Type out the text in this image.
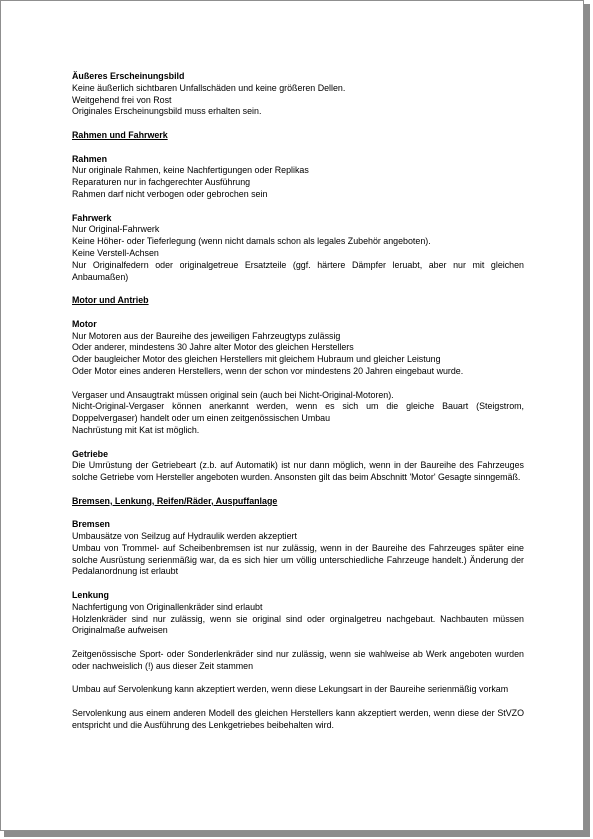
Äußeres Erscheinungsbild
Keine äußerlich sichtbaren Unfallschäden und keine größeren Dellen.
Weitgehend frei von Rost
Originales Erscheinungsbild muss erhalten sein.
Rahmen und Fahrwerk
Rahmen
Nur originale Rahmen, keine Nachfertigungen oder Replikas
Reparaturen nur in fachgerechter Ausführung
Rahmen darf nicht verbogen oder gebrochen sein
Fahrwerk
Nur Original-Fahrwerk
Keine Höher- oder Tieferlegung (wenn nicht damals schon als legales Zubehör angeboten).
Keine Verstell-Achsen
Nur Originalfedern oder originalgetreue Ersatzteile (ggf. härtere Dämpfer leruabt, aber nur mit gleichen Anbaumaßen)
Motor und Antrieb
Motor
Nur Motoren aus der Baureihe des jeweiligen Fahrzeugtyps zulässig
Oder anderer, mindestens 30 Jahre alter Motor des gleichen Herstellers
Oder baugleicher Motor des gleichen Herstellers mit gleichem Hubraum und gleicher Leistung
Oder Motor eines anderen Herstellers, wenn der schon vor mindestens 20 Jahren eingebaut wurde.
Vergaser und Ansaugtrakt müssen original sein (auch bei Nicht-Original-Motoren).
Nicht-Original-Vergaser können anerkannt werden, wenn es sich um die gleiche Bauart (Steigstrom, Doppelvergaser) handelt oder um einen zeitgenössischen Umbau
Nachrüstung mit Kat ist möglich.
Getriebe
Die Umrüstung der Getriebeart (z.b. auf Automatik) ist nur dann möglich, wenn in der Baureihe des Fahrzeuges solche Getriebe vom Hersteller angeboten wurden. Ansonsten gilt das beim Abschnitt 'Motor' Gesagte sinngemäß.
Bremsen, Lenkung, Reifen/Räder, Auspuffanlage
Bremsen
Umbausätze von Seilzug auf Hydraulik werden akzeptiert
Umbau von Trommel- auf Scheibenbremsen ist nur zulässig, wenn in der Baureihe des Fahrzeuges später eine solche Ausrüstung serienmäßig war, da es sich hier um völlig unterschiedliche Fahrzeuge handelt.) Änderung der Pedalanordnung ist erlaubt
Lenkung
Nachfertigung von Originallenkräder sind erlaubt
Holzlenkräder sind nur zulässig, wenn sie original sind oder orginalgetreu nachgebaut. Nachbauten müssen Originalmaße aufweisen
Zeitgenössische Sport- oder Sonderlenkräder sind nur zulässig, wenn sie wahlweise ab Werk angeboten wurden oder nachweislich (!) aus dieser Zeit stammen
Umbau auf Servolenkung kann akzeptiert werden, wenn diese Lekungsart in der Baureihe serienmäßig vorkam
Servolenkung aus einem anderen Modell des gleichen Herstellers kann akzeptiert werden, wenn diese der StVZO entspricht und die Ausführung des Lenkgetriebes beibehalten wird.
